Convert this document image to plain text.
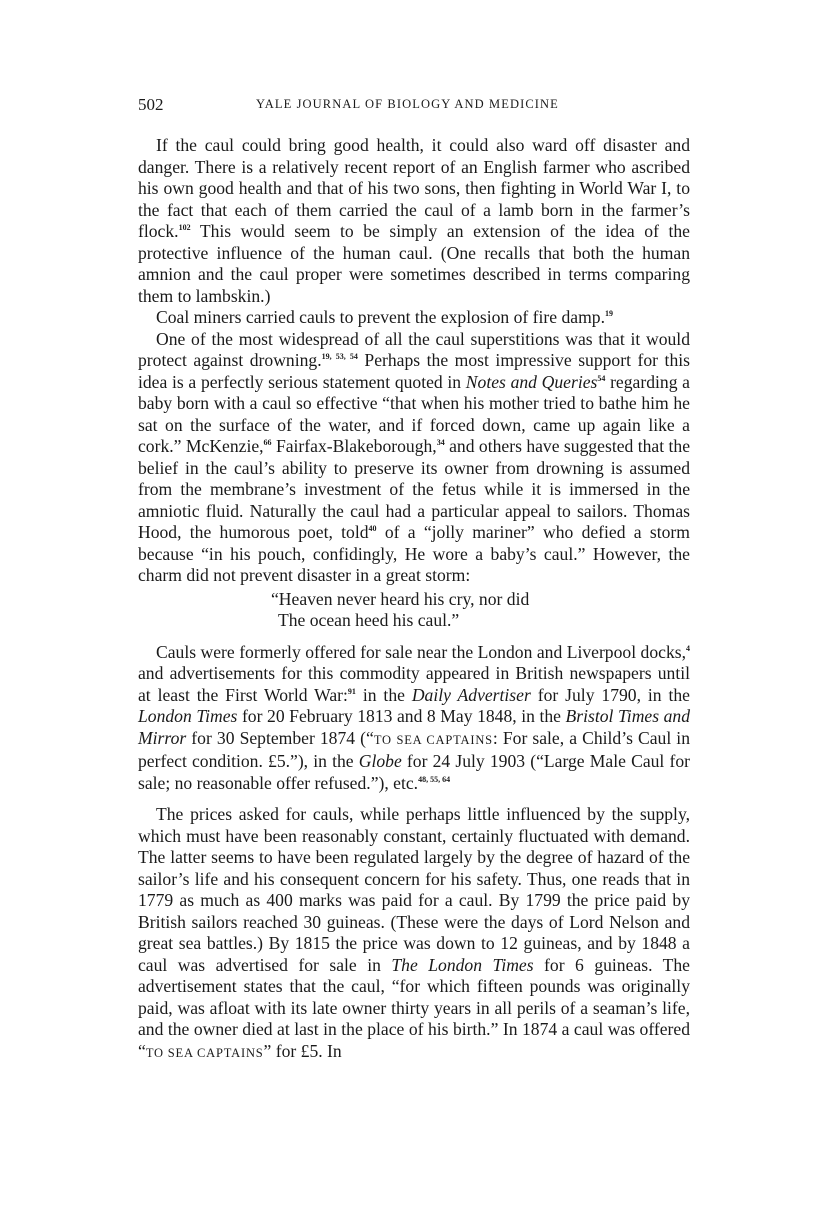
502	YALE JOURNAL OF BIOLOGY AND MEDICINE

If the caul could bring good health, it could also ward off disaster and danger. There is a relatively recent report of an English farmer who ascribed his own good health and that of his two sons, then fighting in World War I, to the fact that each of them carried the caul of a lamb born in the farmer’s flock.$^{102}$ This would seem to be simply an extension of the idea of the protective influence of the human caul. (One recalls that both the human amnion and the caul proper were sometimes described in terms comparing them to lambskin.)

Coal miners carried cauls to prevent the explosion of fire damp.$^{19}$

One of the most widespread of all the caul superstitions was that it would protect against drowning.$^{19, 53, 54}$ Perhaps the most impressive support for this idea is a perfectly serious statement quoted in Notes and Queries$^{54}$ regarding a baby born with a caul so effective “that when his mother tried to bathe him he sat on the surface of the water, and if forced down, came up again like a cork.” McKenzie,$^{66}$ Fairfax-Blakeborough,$^{34}$ and others have suggested that the belief in the caul’s ability to preserve its owner from drowning is assumed from the membrane’s investment of the fetus while it is immersed in the amniotic fluid. Naturally the caul had a particular appeal to sailors. Thomas Hood, the humorous poet, told$^{40}$ of a “jolly mariner” who defied a storm because “in his pouch, confidingly, He wore a baby’s caul.” However, the charm did not prevent disaster in a great storm:

“Heaven never heard his cry, nor did
The ocean heed his caul.”

Cauls were formerly offered for sale near the London and Liverpool docks,$^4$ and advertisements for this commodity appeared in British newspapers until at least the First World War:$^{91}$ in the Daily Advertiser for July 1790, in the London Times for 20 February 1813 and 8 May 1848, in the Bristol Times and Mirror for 30 September 1874 (“TO SEA CAPTAINS: For sale, a Child’s Caul in perfect condition. £5.”), in the Globe for 24 July 1903 (“Large Male Caul for sale; no reasonable offer refused.”), etc.$^{48, 55, 64}$

The prices asked for cauls, while perhaps little influenced by the supply, which must have been reasonably constant, certainly fluctuated with demand. The latter seems to have been regulated largely by the degree of hazard of the sailor’s life and his consequent concern for his safety. Thus, one reads that in 1779 as much as 400 marks was paid for a caul. By 1799 the price paid by British sailors reached 30 guineas. (These were the days of Lord Nelson and great sea battles.) By 1815 the price was down to 12 guineas, and by 1848 a caul was advertised for sale in The London Times for 6 guineas. The advertisement states that the caul, “for which fifteen pounds was originally paid, was afloat with its late owner thirty years in all perils of a seaman’s life, and the owner died at last in the place of his birth.” In 1874 a caul was offered “TO SEA CAPTAINS” for £5. In
